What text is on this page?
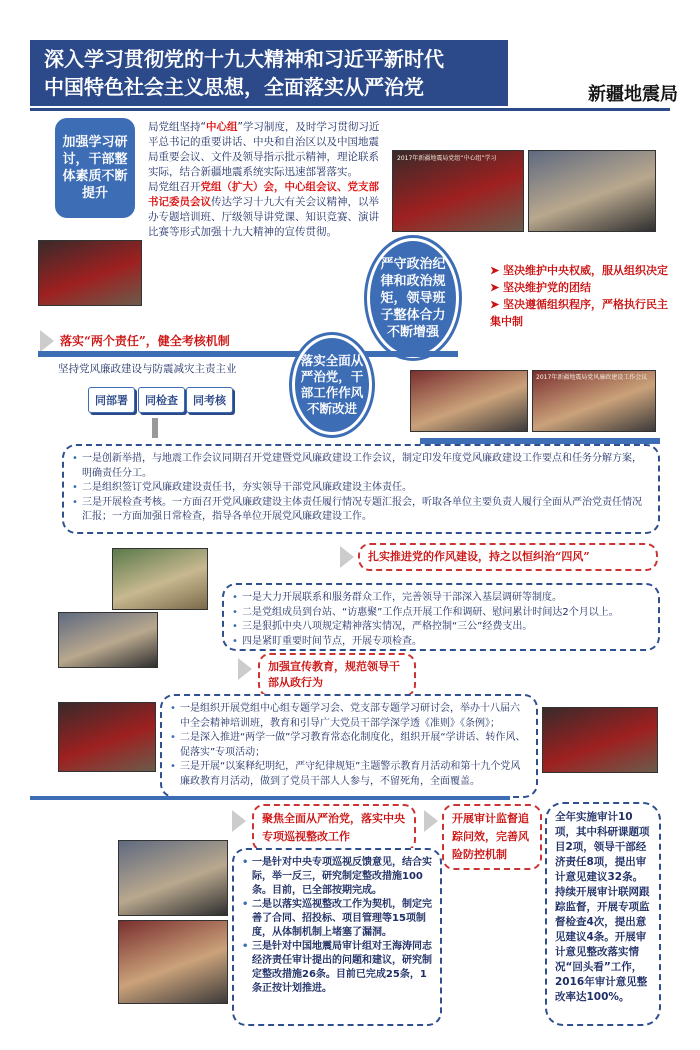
深入学习贯彻党的十九大精神和习近平新时代
中国特色社会主义思想，全面落实从严治党	新疆地震局
加强学习研讨，干部整体素质不断提升
局党组坚持“中心组”学习制度，及时学习贯彻习近平总书记的重要讲话、中央和自治区以及中国地震局重要会议、文件及领导指示批示精神，理论联系实际，结合新疆地震系统实际迅速部署落实。
局党组召开党组（扩大）会，中心组会议、党支部书记委员会议传达学习十九大有关会议精神，以举办专题培训班、厅级领导讲党课、知识竞赛、演讲比赛等形式加强十九大精神的宣传贯彻。
2017年新疆地震局党组“中心组”学习
严守政治纪律和政治规矩，领导班子整体合力不断增强
➤ 坚决维护中央权威，服从组织决定
➤ 坚决维护党的团结
➤ 坚决遵循组织程序，严格执行民主集中制
落实“两个责任”，健全考核机制
落实全面从严治党，干部工作作风不断改进
坚持党风廉政建设与防震减灾主责主业
同部署	同检查	同考核
2017年新疆地震局党风廉政建设工作会议
• 一是创新举措，与地震工作会议同期召开党建暨党风廉政建设工作会议，制定印发年度党风廉政建设工作要点和任务分解方案，明确责任分工。
• 二是组织签订党风廉政建设责任书，夯实领导干部党风廉政建设主体责任。
• 三是开展检查考核。一方面召开党风廉政建设主体责任履行情况专题汇报会，听取各单位主要负责人履行全面从严治党责任情况汇报；一方面加强日常检查，指导各单位开展党风廉政建设工作。
扎实推进党的作风建设，持之以恒纠治“四风”
• 一是大力开展联系和服务群众工作，完善领导干部深入基层调研等制度。
• 二是党组成员到台站、“访惠聚”工作点开展工作和调研、慰问累计时间达2个月以上。
• 三是狠抓中央八项规定精神落实情况，严格控制“三公”经费支出。
• 四是紧盯重要时间节点，开展专项检查。
加强宣传教育，规范领导干部从政行为
• 一是组织开展党组中心组专题学习会、党支部专题学习研讨会，举办十八届六中全会精神培训班，教育和引导广大党员干部学深学透《准则》《条例》；
• 二是深入推进“两学一做”学习教育常态化制度化，组织开展“学讲话、转作风、促落实”专项活动；
• 三是开展“以案释纪明纪，严守纪律规矩”主题警示教育月活动和第十九个党风廉政教育月活动，做到了党员干部人人参与，不留死角，全面覆盖。
聚焦全面从严治党，落实中央专项巡视整改工作
开展审计监督追踪问效，完善风险防控机制
全年实施审计10项，其中科研课题项目2项，领导干部经济责任8项，提出审计意见建议32条。持续开展审计联网跟踪监督，开展专项监督检查4次，提出意见建议4条。开展审计意见整改落实情况“回头看”工作，2016年审计意见整改率达100%。
• 一是针对中央专项巡视反馈意见，结合实际，举一反三，研究制定整改措施100条。目前，已全部按期完成。
• 二是以落实巡视整改工作为契机，制定完善了合同、招投标、项目管理等15项制度，从体制机制上堵塞了漏洞。
• 三是针对中国地震局审计组对王海涛同志经济责任审计提出的问题和建议，研究制定整改措施26条。目前已完成25条，1条正按计划推进。
